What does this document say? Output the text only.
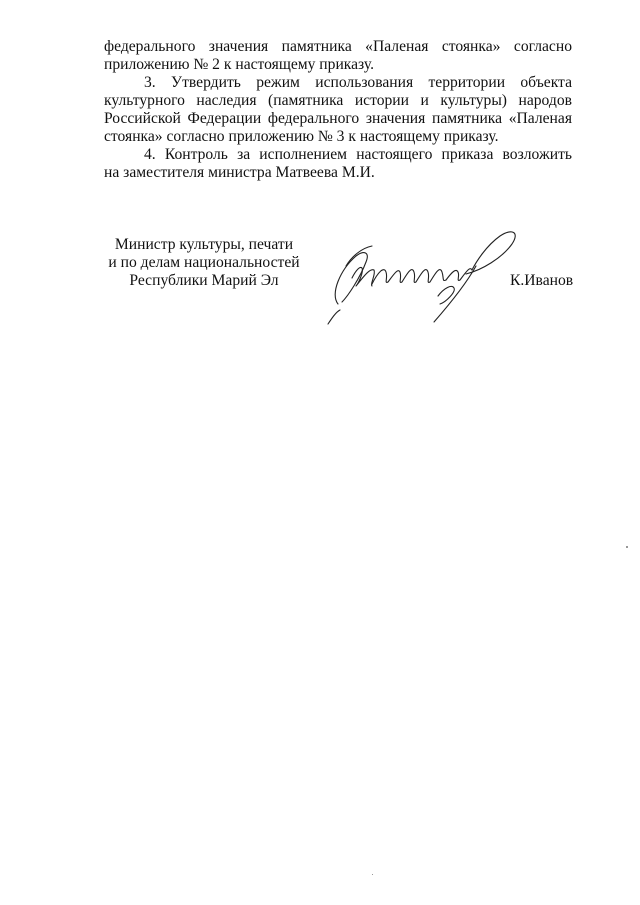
федерального значения памятника «Паленая стоянка» согласно
приложению № 2 к настоящему приказу.
3. Утвердить режим использования территории объекта
культурного наследия (памятника истории и культуры) народов
Российской Федерации федерального значения памятника «Паленая
стоянка» согласно приложению № 3 к настоящему приказу.
4. Контроль за исполнением настоящего приказа возложить
на заместителя министра Матвеева М.И.
Министр культуры, печати
и по делам национальностей
Республики Марий Эл	К.Иванов
